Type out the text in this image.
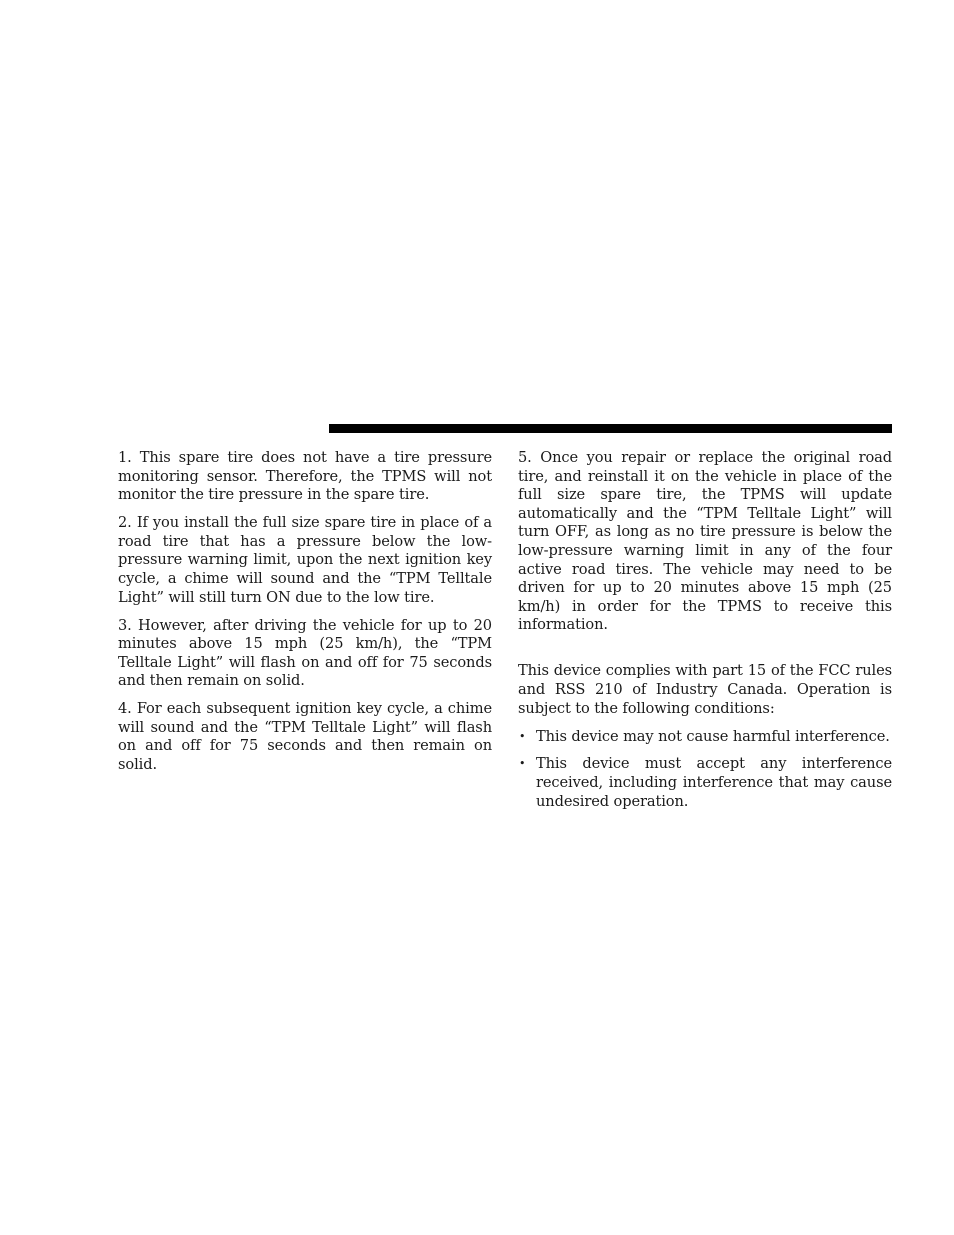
1. This spare tire does not have a tire pressure monitoring sensor. Therefore, the TPMS will not monitor the tire pressure in the spare tire.

2. If you install the full size spare tire in place of a road tire that has a pressure below the low-pressure warning limit, upon the next ignition key cycle, a chime will sound and the “TPM Telltale Light” will still turn ON due to the low tire.

3. However, after driving the vehicle for up to 20 minutes above 15 mph (25 km/h), the “TPM Telltale Light” will flash on and off for 75 seconds and then remain on solid.

4. For each subsequent ignition key cycle, a chime will sound and the “TPM Telltale Light” will flash on and off for 75 seconds and then remain on solid.

5. Once you repair or replace the original road tire, and reinstall it on the vehicle in place of the full size spare tire, the TPMS will update automatically and the “TPM Telltale Light” will turn OFF, as long as no tire pressure is below the low-pressure warning limit in any of the four active road tires. The vehicle may need to be driven for up to 20 minutes above 15 mph (25 km/h) in order for the TPMS to receive this information.

This device complies with part 15 of the FCC rules and RSS 210 of Industry Canada. Operation is subject to the following conditions:

• This device may not cause harmful interference.
• This device must accept any interference received, including interference that may cause undesired operation.
